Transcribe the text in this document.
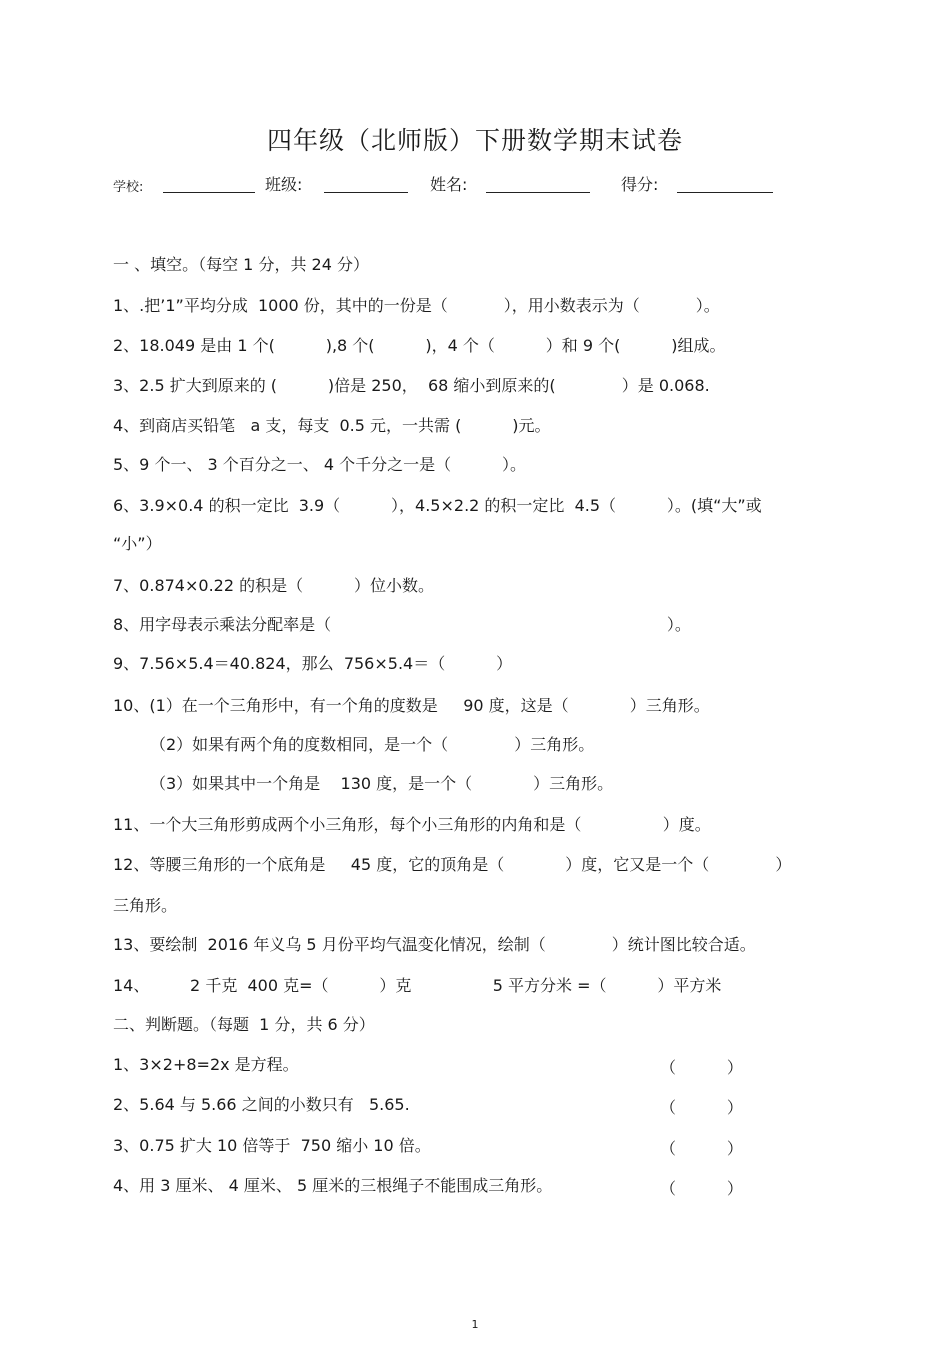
四年级（北师版）下册数学期末试卷
学校:	班级:	姓名:	得分:
一 、填空。（每空 1 分，共 24 分）
1、.把’1”平均分成  1000 份，其中的一份是（           ），用小数表示为（           ）。
2、18.049 是由 1 个(          ),8 个(          )，4 个（          ）和 9 个(          )组成。
3、2.5 扩大到原来的 (          )倍是 250，  68 缩小到原来的(             ）是 0.068.
4、到商店买铅笔   a 支，每支  0.5 元，一共需 (          )元。
5、9 个一、 3 个百分之一、 4 个千分之一是（          ）。
6、3.9×0.4 的积一定比  3.9（          ），4.5×2.2 的积一定比  4.5（          ）。(填“大”或
“小”）
7、0.874×0.22 的积是（          ）位小数。
8、用字母表示乘法分配率是（                                                                  ）。
9、7.56×5.4＝40.824，那么  756×5.4＝（          ）
10、(1）在一个三角形中，有一个角的度数是     90 度，这是（            ）三角形。
（2）如果有两个角的度数相同，是一个（             ）三角形。
（3）如果其中一个角是    130 度，是一个（            ）三角形。
11、一个大三角形剪成两个小三角形，每个小三角形的内角和是（                ）度。
12、等腰三角形的一个底角是     45 度，它的顶角是（            ）度，它又是一个（             ）
三角形。
13、要绘制  2016 年义乌 5 月份平均气温变化情况，绘制（             ）统计图比较合适。
14、        2 千克  400 克=（          ）克                5 平方分米 =（          ）平方米
二、判断题。（每题  1 分，共 6 分）
1、3×2+8=2x 是方程。	（          ）
2、5.64 与 5.66 之间的小数只有   5.65.	（          ）
3、0.75 扩大 10 倍等于  750 缩小 10 倍。	（          ）
4、用 3 厘米、 4 厘米、 5 厘米的三根绳子不能围成三角形。	（          ）
1
